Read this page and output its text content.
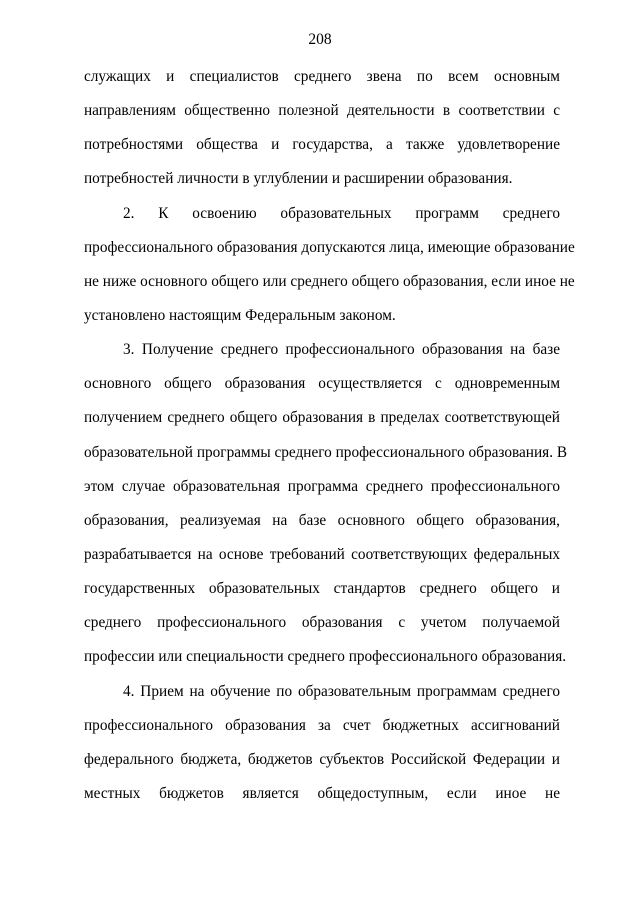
208
служащих и специалистов среднего звена по всем основным
направлениям общественно полезной деятельности в соответствии с
потребностями общества и государства, а также удовлетворение
потребностей личности в углублении и расширении образования.
2. К освоению образовательных программ среднего
профессионального образования допускаются лица, имеющие образование
не ниже основного общего или среднего общего образования, если иное не
установлено настоящим Федеральным законом.
3. Получение среднего профессионального образования на базе
основного общего образования осуществляется с одновременным
получением среднего общего образования в пределах соответствующей
образовательной программы среднего профессионального образования. В
этом случае образовательная программа среднего профессионального
образования, реализуемая на базе основного общего образования,
разрабатывается на основе требований соответствующих федеральных
государственных образовательных стандартов среднего общего и
среднего профессионального образования с учетом получаемой
профессии или специальности среднего профессионального образования.
4. Прием на обучение по образовательным программам среднего
профессионального образования за счет бюджетных ассигнований
федерального бюджета, бюджетов субъектов Российской Федерации и
местных бюджетов является общедоступным, если иное не
